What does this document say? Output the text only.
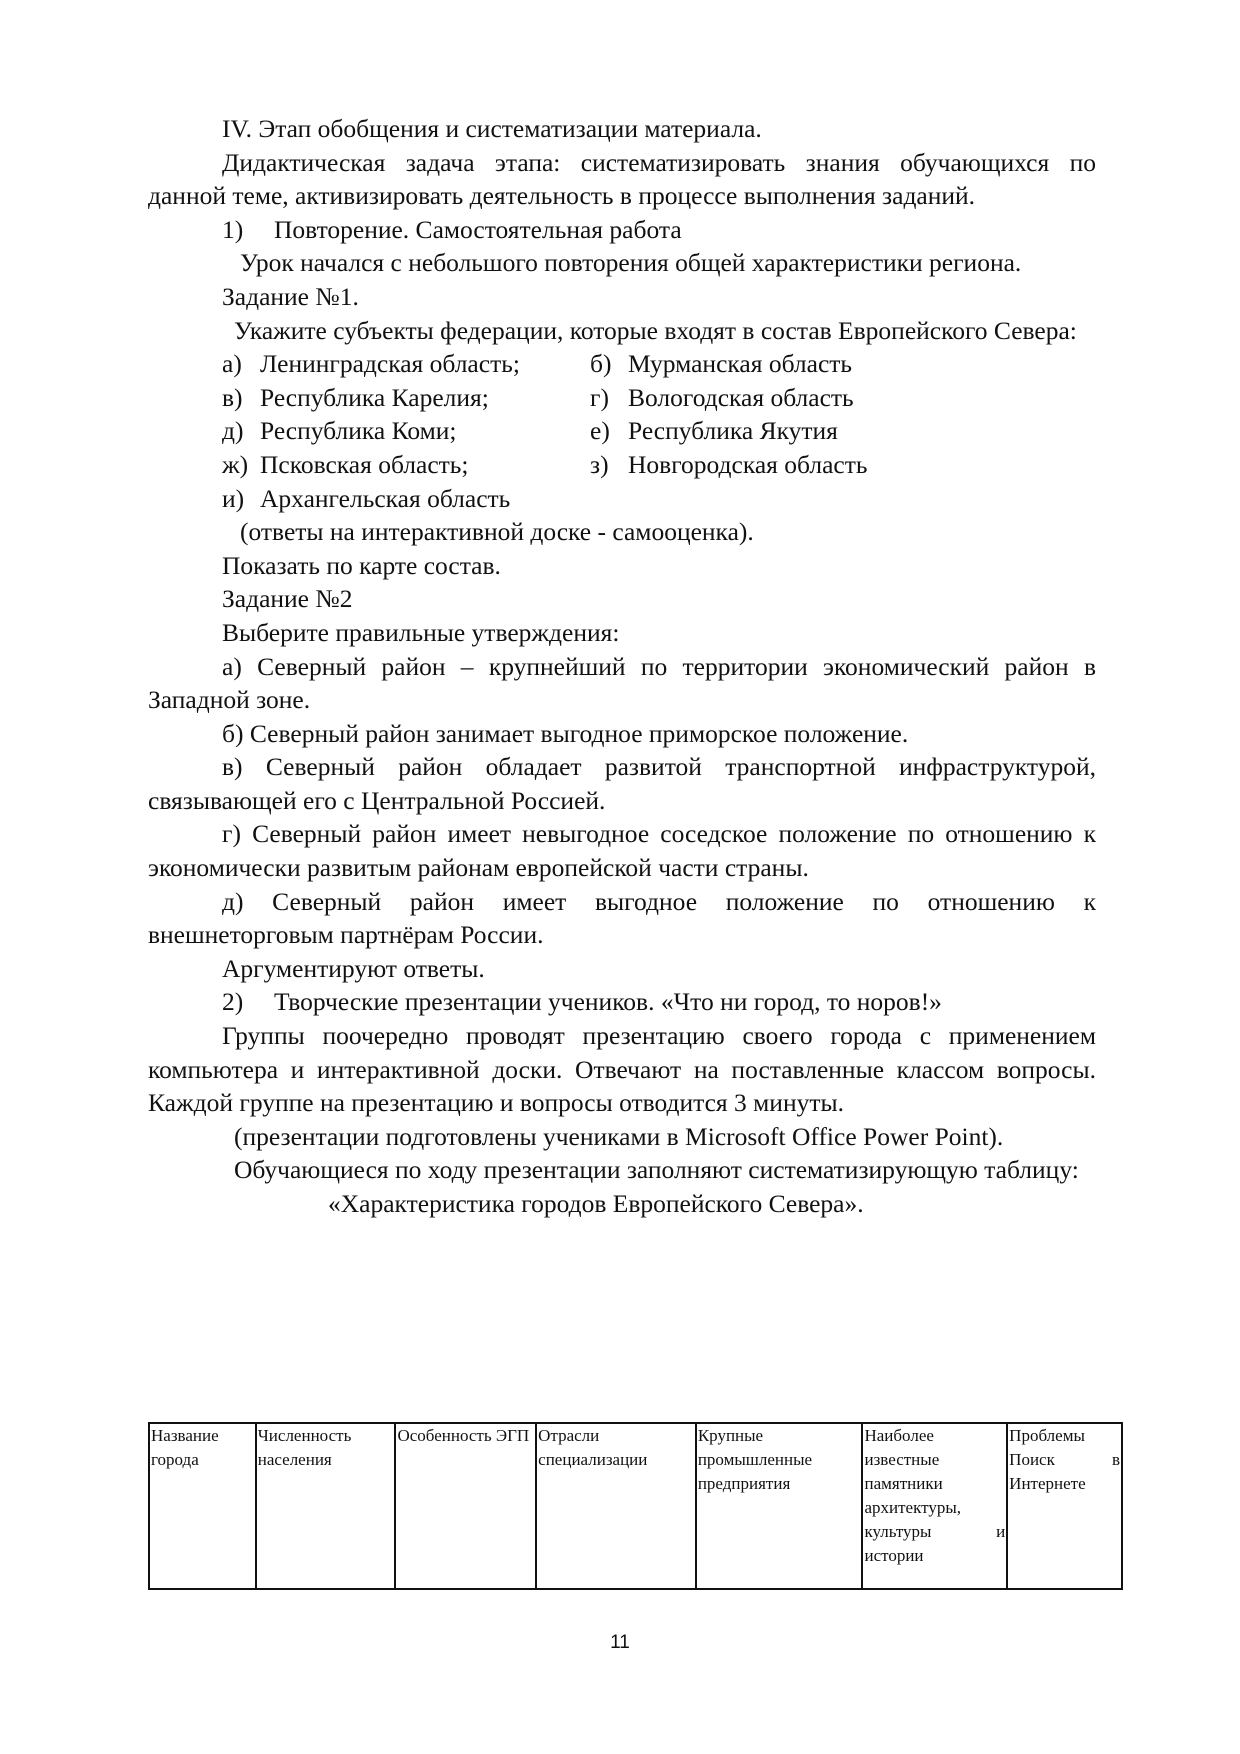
IV. Этап обобщения и систематизации материала.

Дидактическая задача этапа: систематизировать знания обучающихся по данной теме, активизировать деятельность в процессе выполнения заданий.

1) Повторение. Самостоятельная работа

Урок начался с небольшого повторения общей характеристики региона.

Задание №1.

Укажите субъекты федерации, которые входят в состав Европейского Севера:

а) Ленинградская область;	б) Мурманская область
в) Республика Карелия;	г) Вологодская область
д) Республика Коми;	е) Республика Якутия
ж) Псковская область;	з) Новгородская область
и) Архангельская область

(ответы на интерактивной доске - самооценка).

Показать по карте состав.

Задание №2

Выберите правильные утверждения:

а) Северный район – крупнейший по территории экономический район в Западной зоне.

б) Северный район занимает выгодное приморское положение.

в) Северный район обладает развитой транспортной инфраструктурой, связывающей его с Центральной Россией.

г) Северный район имеет невыгодное соседское положение по отношению к экономически развитым районам европейской части страны.

д) Северный район имеет выгодное положение по отношению к внешнеторговым партнёрам России.

Аргументируют ответы.

2) Творческие презентации учеников. «Что ни город, то норов!»

Группы поочередно проводят презентацию своего города с применением компьютера и интерактивной доски. Отвечают на поставленные классом вопросы. Каждой группе на презентацию и вопросы отводится 3 минуты.

(презентации подготовлены учениками в Microsoft Office Power Point).

Обучающиеся по ходу презентации заполняют систематизирующую таблицу:

«Характеристика городов Европейского Севера».

Название города	Численность населения	Особенность ЭГП	Отрасли специализации	Крупные промышленные предприятия	Наиболее известные памятники архитектуры, культуры и истории	Проблемы Поиск в Интернете
11
